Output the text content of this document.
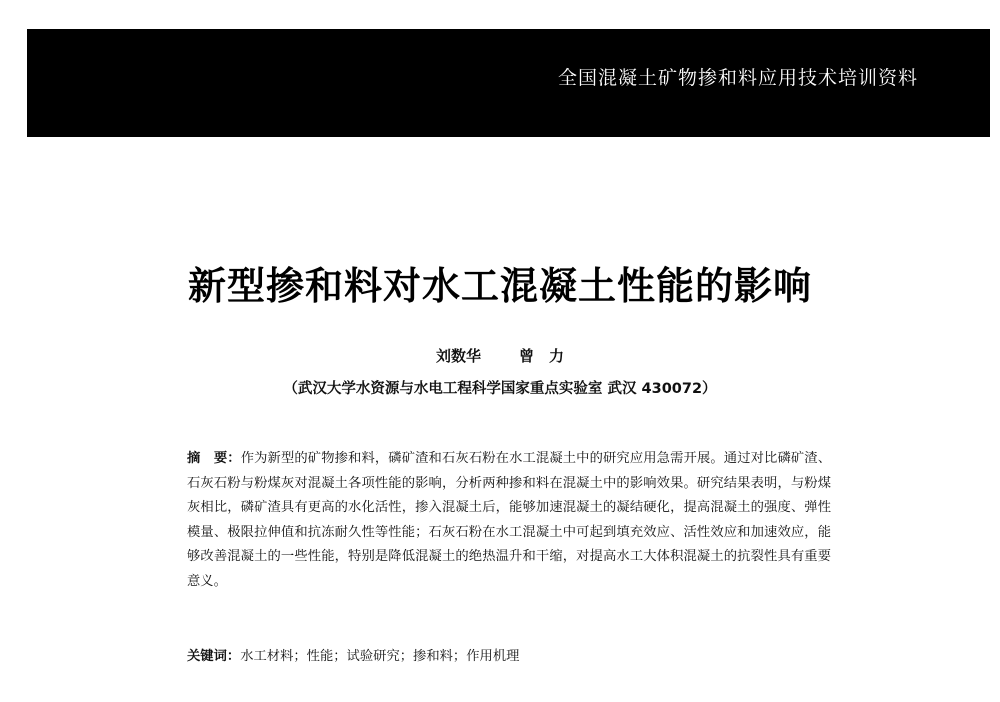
全国混凝土矿物掺和料应用技术培训资料
新型掺和料对水工混凝土性能的影响
刘数华	曾　力
（武汉大学水资源与水电工程科学国家重点实验室 武汉 430072）
摘　要：作为新型的矿物掺和料，磷矿渣和石灰石粉在水工混凝土中的研究应用急需开展。通过对比磷矿渣、石灰石粉与粉煤灰对混凝土各项性能的影响，分析两种掺和料在混凝土中的影响效果。研究结果表明，与粉煤灰相比，磷矿渣具有更高的水化活性，掺入混凝土后，能够加速混凝土的凝结硬化，提高混凝土的强度、弹性模量、极限拉伸值和抗冻耐久性等性能；石灰石粉在水工混凝土中可起到填充效应、活性效应和加速效应，能够改善混凝土的一些性能，特别是降低混凝土的绝热温升和干缩，对提高水工大体积混凝土的抗裂性具有重要意义。
关键词：水工材料；性能；试验研究；掺和料；作用机理
